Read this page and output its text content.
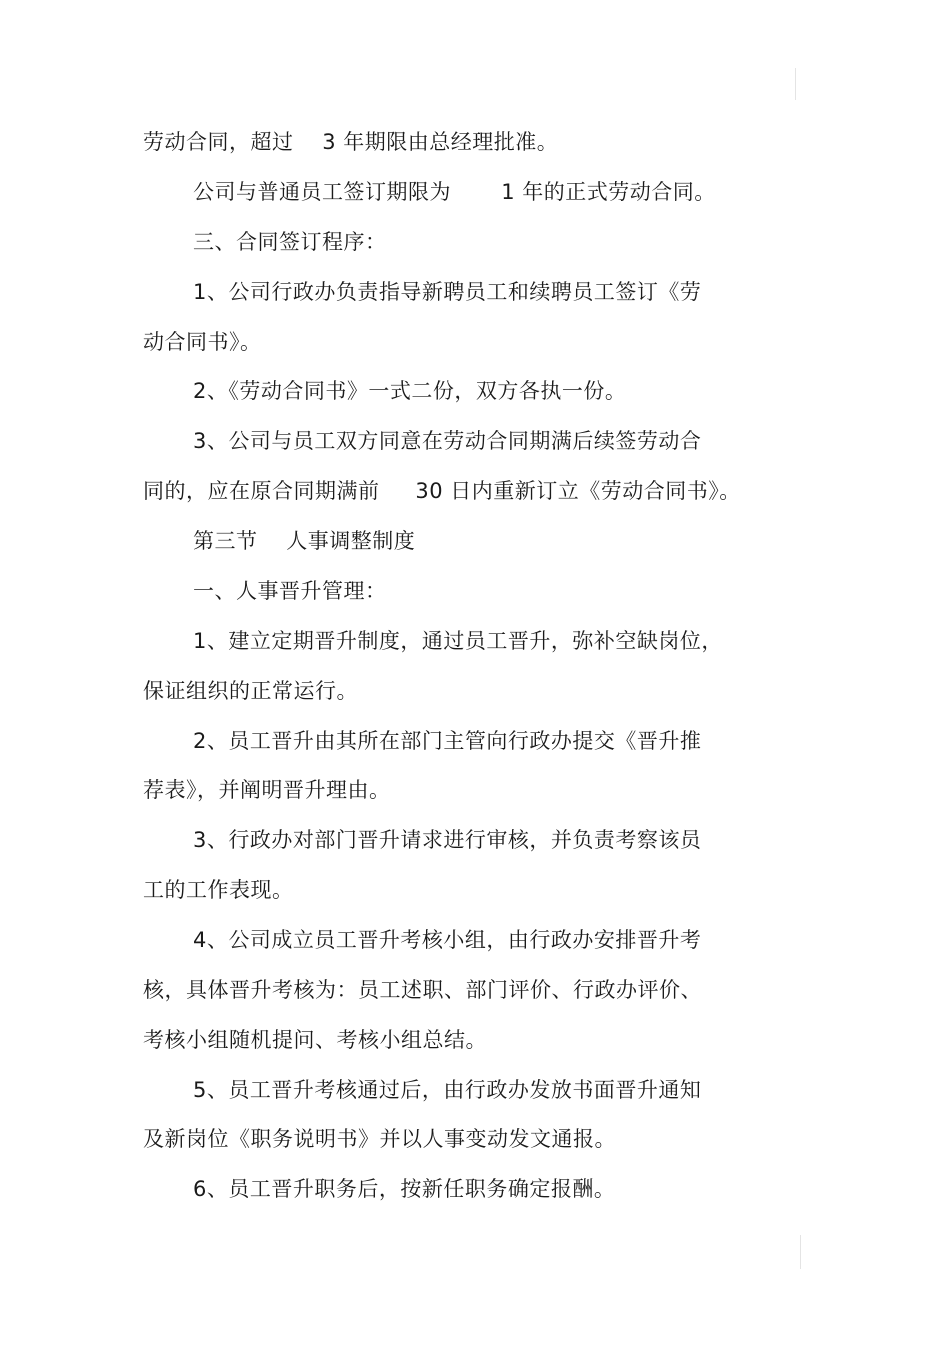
劳动合同，超过    3 年期限由总经理批准。
公司与普通员工签订期限为       1 年的正式劳动合同。
三、合同签订程序：
1、公司行政办负责指导新聘员工和续聘员工签订《劳
动合同书》。
2、《劳动合同书》一式二份，双方各执一份。
3、公司与员工双方同意在劳动合同期满后续签劳动合
同的，应在原合同期满前     30 日内重新订立《劳动合同书》。
第三节    人事调整制度
一、人事晋升管理：
1、建立定期晋升制度，通过员工晋升，弥补空缺岗位，
保证组织的正常运行。
2、员工晋升由其所在部门主管向行政办提交《晋升推
荐表》，并阐明晋升理由。
3、行政办对部门晋升请求进行审核，并负责考察该员
工的工作表现。
4、公司成立员工晋升考核小组，由行政办安排晋升考
核，具体晋升考核为：员工述职、部门评价、行政办评价、
考核小组随机提问、考核小组总结。
5、员工晋升考核通过后，由行政办发放书面晋升通知
及新岗位《职务说明书》并以人事变动发文通报。
6、员工晋升职务后，按新任职务确定报酬。
